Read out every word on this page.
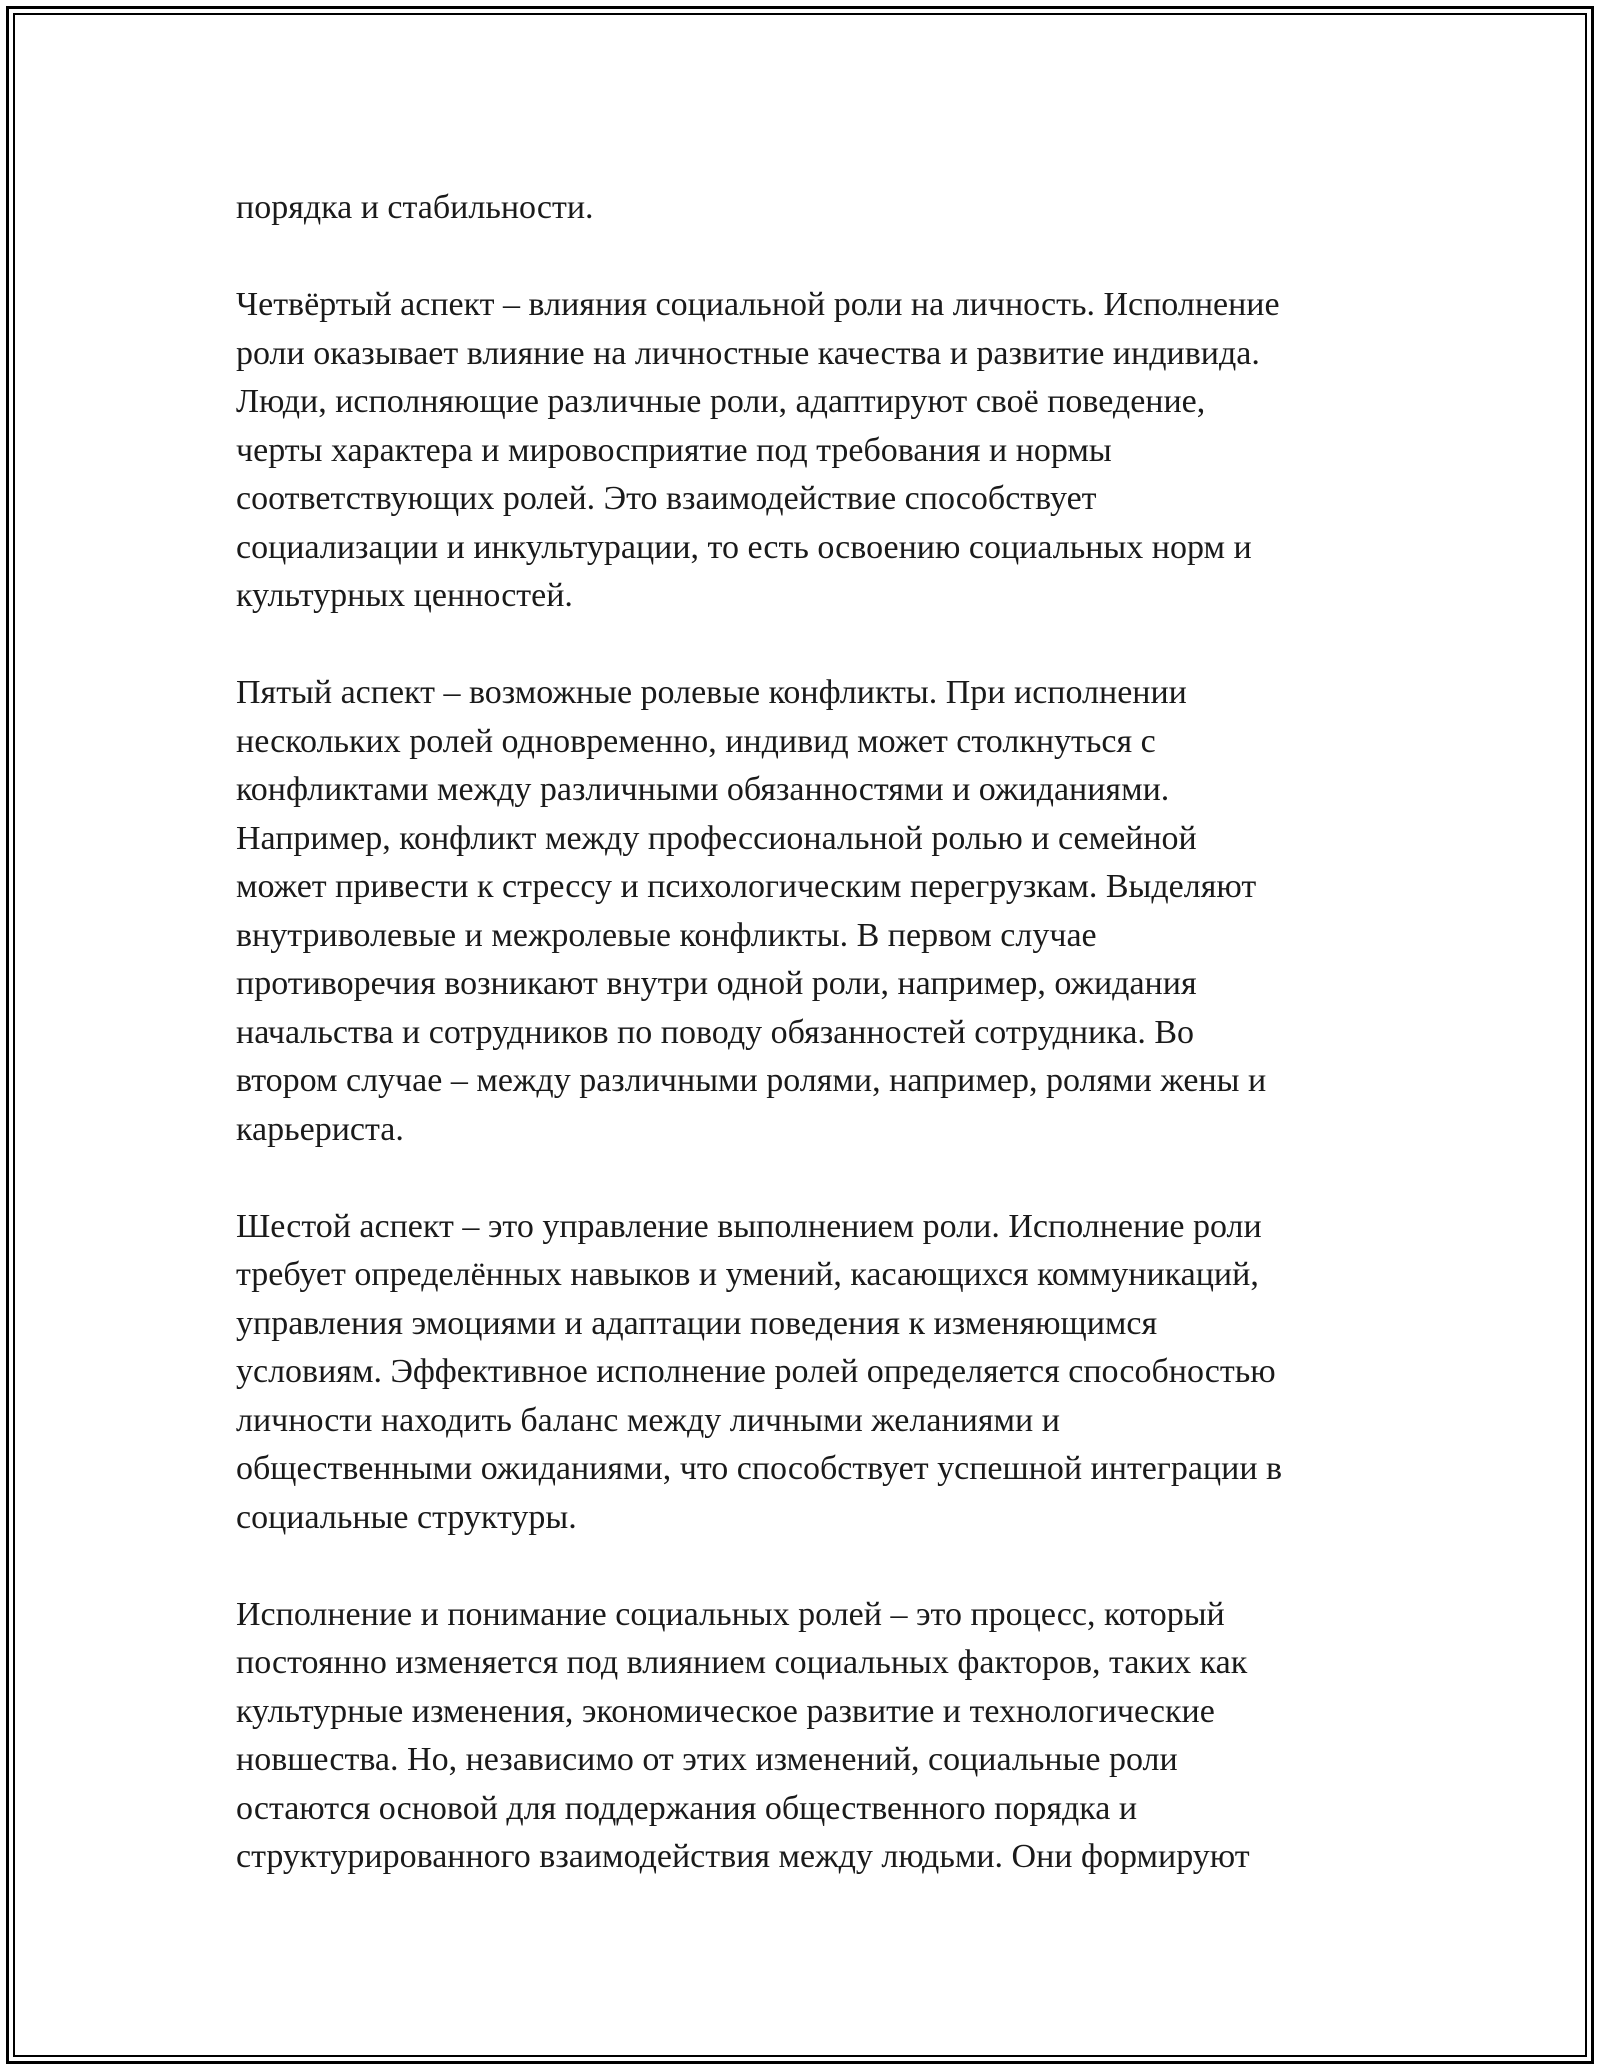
порядка и стабильности.
Четвёртый аспект – влияния социальной роли на личность. Исполнение
роли оказывает влияние на личностные качества и развитие индивида.
Люди, исполняющие различные роли, адаптируют своё поведение,
черты характера и мировосприятие под требования и нормы
соответствующих ролей. Это взаимодействие способствует
социализации и инкультурации, то есть освоению социальных норм и
культурных ценностей.
Пятый аспект – возможные ролевые конфликты. При исполнении
нескольких ролей одновременно, индивид может столкнуться с
конфликтами между различными обязанностями и ожиданиями.
Например, конфликт между профессиональной ролью и семейной
может привести к стрессу и психологическим перегрузкам. Выделяют
внутриволевые и межролевые конфликты. В первом случае
противоречия возникают внутри одной роли, например, ожидания
начальства и сотрудников по поводу обязанностей сотрудника. Во
втором случае – между различными ролями, например, ролями жены и
карьериста.
Шестой аспект – это управление выполнением роли. Исполнение роли
требует определённых навыков и умений, касающихся коммуникаций,
управления эмоциями и адаптации поведения к изменяющимся
условиям. Эффективное исполнение ролей определяется способностью
личности находить баланс между личными желаниями и
общественными ожиданиями, что способствует успешной интеграции в
социальные структуры.
Исполнение и понимание социальных ролей – это процесс, который
постоянно изменяется под влиянием социальных факторов, таких как
культурные изменения, экономическое развитие и технологические
новшества. Но, независимо от этих изменений, социальные роли
остаются основой для поддержания общественного порядка и
структурированного взаимодействия между людьми. Они формируют
